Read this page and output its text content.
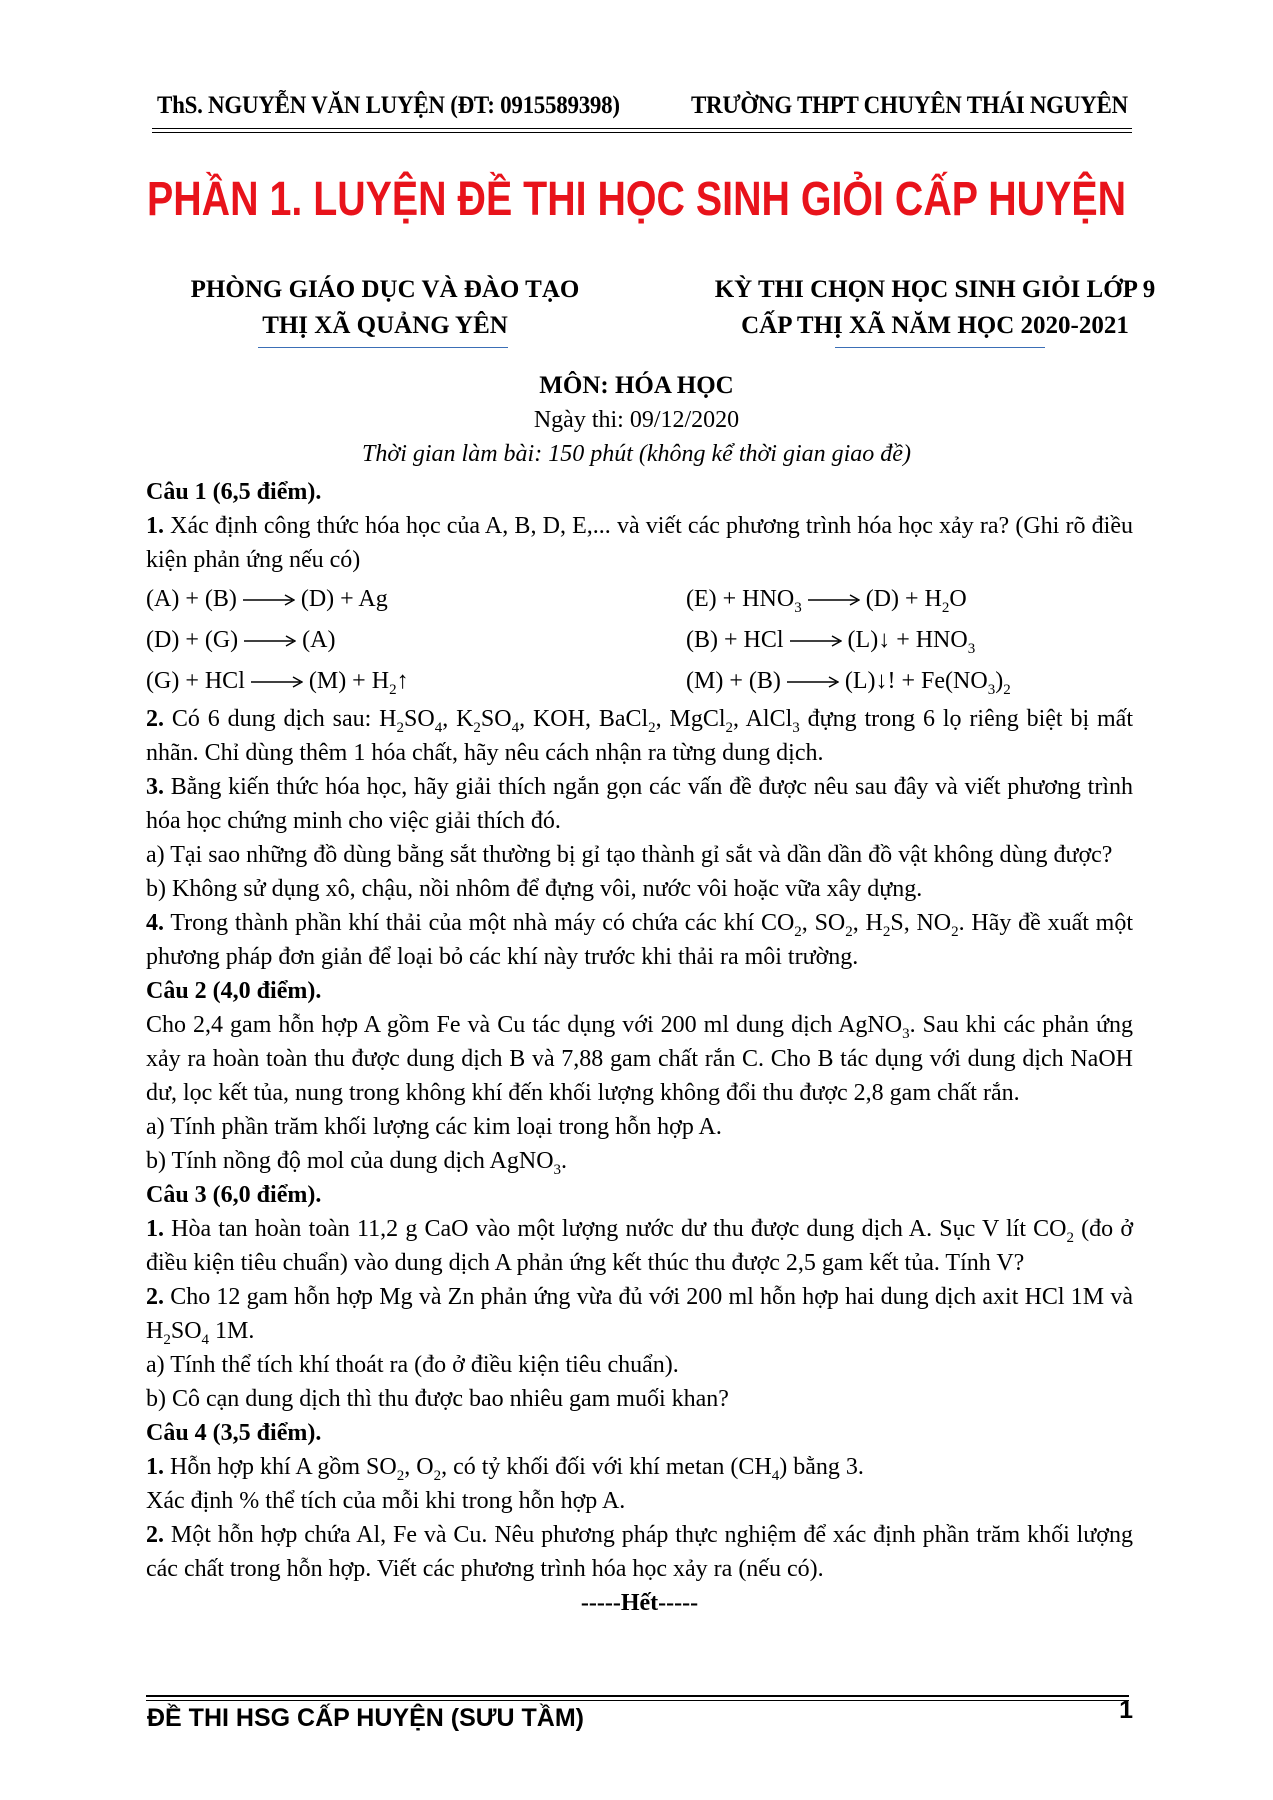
ThS. NGUYỄN VĂN LUYỆN (ĐT: 0915589398)	TRƯỜNG THPT CHUYÊN THÁI NGUYÊN
PHẦN 1. LUYỆN ĐỀ THI HỌC SINH GIỎI CẤP HUYỆN
PHÒNG GIÁO DỤC VÀ ĐÀO TẠO
THỊ XÃ QUẢNG YÊN
KỲ THI CHỌN HỌC SINH GIỎI LỚP 9
CẤP THỊ XÃ NĂM HỌC 2020-2021
MÔN: HÓA HỌC
Ngày thi: 09/12/2020
Thời gian làm bài: 150 phút (không kể thời gian giao đề)

Câu 1 (6,5 điểm).

1. Xác định công thức hóa học của A, B, D, E,... và viết các phương trình hóa học xảy ra? (Ghi rõ điều kiện phản ứng nếu có)

(A) + (B)	(D) + Ag	$(E) + HNO_3$	$(D) + H_2O$
(D) + (G)	(A)	(B) + HCl	(L)↓ + $HNO_3$
(G) + HCl	$(M) + H_2↑$	(M) + (B)	(L)↓! + $Fe(NO_3)_2$

2. Có 6 dung dịch sau: $H_2SO_4$, $K_2SO_4$, KOH, BaCl$_2$, MgCl$_2$, AlCl$_3$ đựng trong 6 lọ riêng biệt bị mất nhãn. Chỉ dùng thêm 1 hóa chất, hãy nêu cách nhận ra từng dung dịch.

3. Bằng kiến thức hóa học, hãy giải thích ngắn gọn các vấn đề được nêu sau đây và viết phương trình hóa học chứng minh cho việc giải thích đó.

a) Tại sao những đồ dùng bằng sắt thường bị gỉ tạo thành gỉ sắt và dần dần đồ vật không dùng được?

b) Không sử dụng xô, chậu, nồi nhôm để đựng vôi, nước vôi hoặc vữa xây dựng.

4. Trong thành phần khí thải của một nhà máy có chứa các khí $CO_2$, $SO_2$, $H_2S$, $NO_2$. Hãy đề xuất một phương pháp đơn giản để loại bỏ các khí này trước khi thải ra môi trường.

Câu 2 (4,0 điểm).

Cho 2,4 gam hỗn hợp A gồm Fe và Cu tác dụng với 200 ml dung dịch AgNO$_3$. Sau khi các phản ứng xảy ra hoàn toàn thu được dung dịch B và 7,88 gam chất rắn C. Cho B tác dụng với dung dịch NaOH dư, lọc kết tủa, nung trong không khí đến khối lượng không đổi thu được 2,8 gam chất rắn.

a) Tính phần trăm khối lượng các kim loại trong hỗn hợp A.

b) Tính nồng độ mol của dung dịch AgNO$_3$.

Câu 3 (6,0 điểm).

1. Hòa tan hoàn toàn 11,2 g CaO vào một lượng nước dư thu được dung dịch A. Sục V lít $CO_2$ (đo ở điều kiện tiêu chuẩn) vào dung dịch A phản ứng kết thúc thu được 2,5 gam kết tủa. Tính V?

2. Cho 12 gam hỗn hợp Mg và Zn phản ứng vừa đủ với 200 ml hỗn hợp hai dung dịch axit HCl 1M và $H_2SO_4$ 1M.

a) Tính thể tích khí thoát ra (đo ở điều kiện tiêu chuẩn).

b) Cô cạn dung dịch thì thu được bao nhiêu gam muối khan?

Câu 4 (3,5 điểm).

1. Hỗn hợp khí A gồm $SO_2$, $O_2$, có tỷ khối đối với khí metan $(CH_4)$ bằng 3.

Xác định % thể tích của mỗi khi trong hỗn hợp A.

2. Một hỗn hợp chứa Al, Fe và Cu. Nêu phương pháp thực nghiệm để xác định phần trăm khối lượng các chất trong hỗn hợp. Viết các phương trình hóa học xảy ra (nếu có).

-----Hết-----

ĐỀ THI HSG CẤP HUYỆN (SƯU TẦM)	1
